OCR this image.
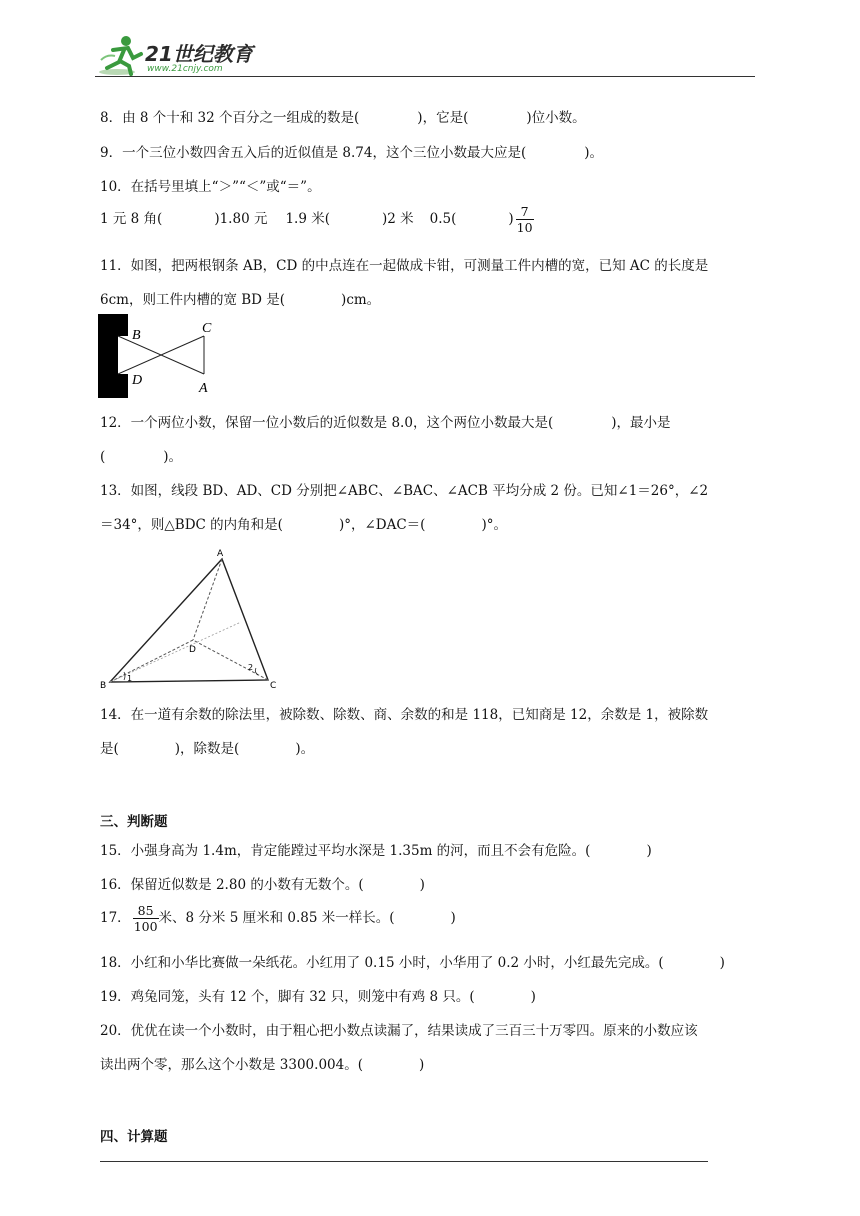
21世纪教育
www.21cnjy.com
8．由 8 个十和 32 个百分之一组成的数是(	)，它是(	)位小数。
9．一个三位小数四舍五入后的近似值是 8.74，这个三位小数最大应是(	)。
10．在括号里填上“＞”“＜”或“＝”。
1 元 8 角(	)1.80 元 1.9 米(	)2 米 0.5(	) $\frac{7}{10}$
11．如图，把两根钢条 AB，CD 的中点连在一起做成卡钳，可测量工件内槽的宽，已知 AC 的长度是
6cm，则工件内槽的宽 BD 是(	)cm。
B	C
D
A
12．一个两位小数，保留一位小数后的近似数是 8.0，这个两位小数最大是(	)，最小是
(	)。
13．如图，线段 BD、AD、CD 分别把∠ABC、∠BAC、∠ACB 平均分成 2 份。已知∠1＝26°，∠2
＝34°，则△BDC 的内角和是(	)°，∠DAC＝(	)°。
A
B	C
D
1
2
14．在一道有余数的除法里，被除数、除数、商、余数的和是 118，已知商是 12，余数是 1，被除数
是(	)，除数是(	)。
三、判断题
15．小强身高为 1.4m，肯定能蹚过平均水深是 1.35m 的河，而且不会有危险。(	)
16．保留近似数是 2.80 的小数有无数个。(	)
17． $\frac{85}{100}$ 米、8 分米 5 厘米和 0.85 米一样长。(	)
18．小红和小华比赛做一朵纸花。小红用了 0.15 小时，小华用了 0.2 小时，小红最先完成。(	)
19．鸡兔同笼，头有 12 个，脚有 32 只，则笼中有鸡 8 只。(	)
20．优优在读一个小数时，由于粗心把小数点读漏了，结果读成了三百三十万零四。原来的小数应该
读出两个零，那么这个小数是 3300.004。(	)
四、计算题
